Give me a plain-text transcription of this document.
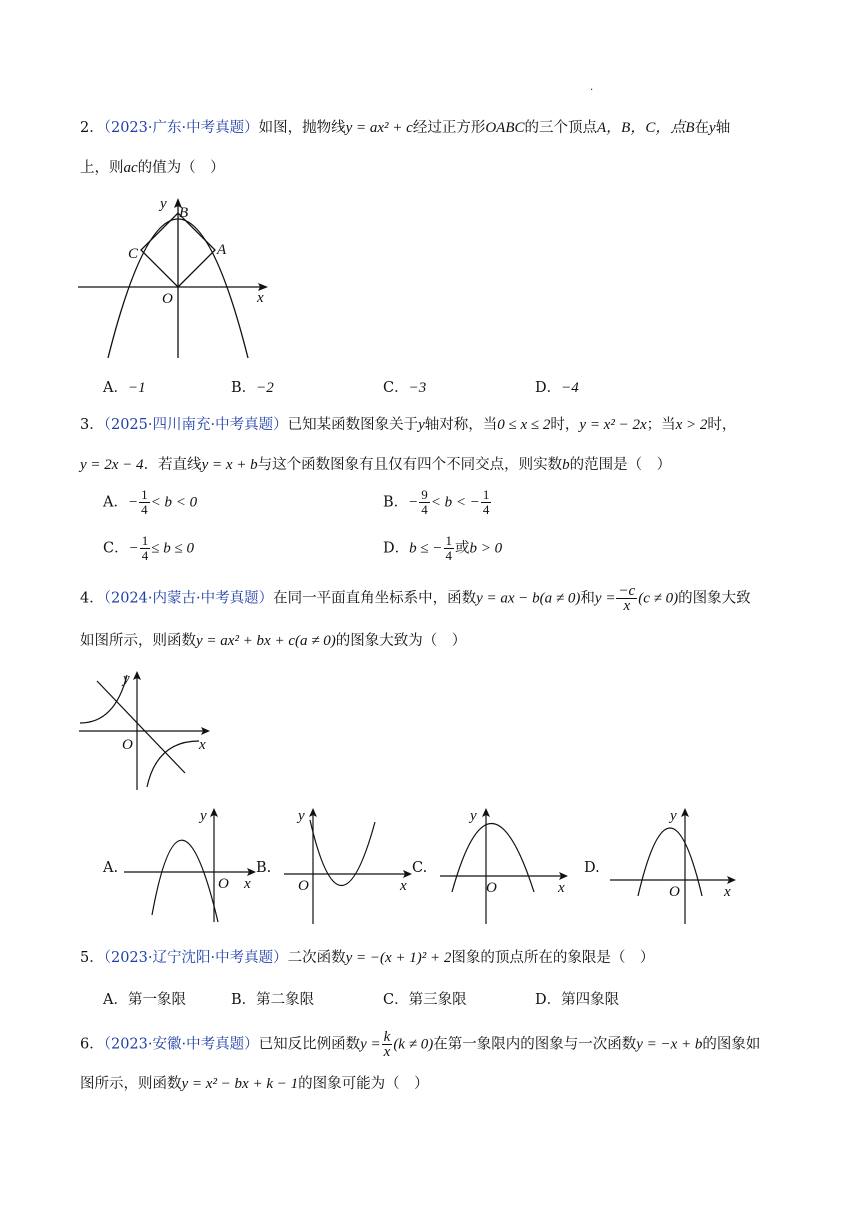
.
2．（2023·广东·中考真题）如图，抛物线y = ax² + c经过正方形OABC的三个顶点A，B，C，点B在y轴
上，则ac的值为（　）
y
B
C	A
O	x
A．−1	B．−2	C．−3	D．−4
3．（2025·四川南充·中考真题）已知某函数图象关于y轴对称，当0 ≤ x ≤ 2时，y = x² − 2x；当x > 2时，
y = 2x − 4．若直线y = x + b与这个函数图象有且仅有四个不同交点，则实数b的范围是（　）
A．− $\frac{1}{4} < b < 0$	B．− $\frac{9}{4} < b$ < − $\frac{1}{4}$
C．− $\frac{1}{4} \le b \le 0$	D．b ≤ − $\frac{1}{4}$ 或b > 0
4．（2024·内蒙古·中考真题）在同一平面直角坐标系中，函数y = ax − b(a ≠ 0)和$y = \frac{-c}{x} (c \ne 0)$的图象大致
如图所示，则函数y = ax² + bx + c(a ≠ 0)的图象大致为（　）
y
O	x
A.
y
O x
B.
y
O	x
C.
y
O	x
D.
y
O	x
5．（2023·辽宁沈阳·中考真题）二次函数y = −(x + 1)² + 2图象的顶点所在的象限是（　）
A．第一象限	B．第二象限	C．第三象限	D．第四象限
6．（2023·安徽·中考真题）已知反比例函数$y = \frac{k}{x} (k \ne 0)$在第一象限内的图象与一次函数y = −x + b的图象如
图所示，则函数y = x² − bx + k − 1的图象可能为（　）
